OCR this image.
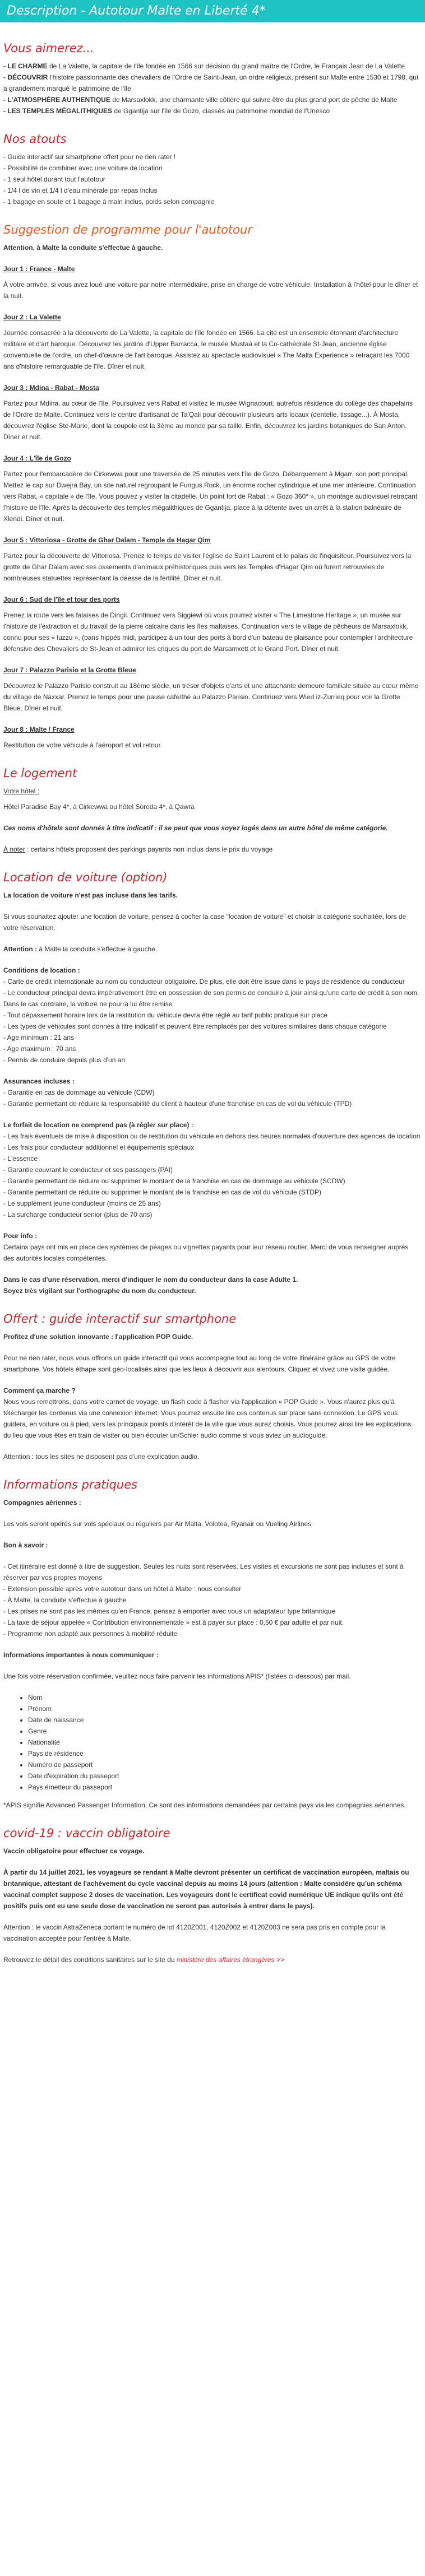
Description - Autotour Malte en Liberté 4*
Vous aimerez...

- LE CHARME de La Valette, la capitale de l'île fondée en 1566 sur décision du grand maître de l'Ordre, le Français Jean de La Valette

- DÉCOUVRIR l'histoire passionnante des chevaliers de l'Ordre de Saint-Jean, un ordre religieux, présent sur Malte entre 1530 et 1798, qui a grandement marqué le patrimoine de l'île

- L'ATMOSPHÈRE AUTHENTIQUE de Marsaxlokk, une charmante ville côtière qui suivre être du plus grand port de pêche de Malte

- LES TEMPLES MÉGALITHIQUES de Ggantija sur l'île de Gozo, classés au patrimoine mondial de l'Unesco

Nos atouts

- Guide interactif sur smartphone offert pour ne rien rater !

- Possibilité de combiner avec une voiture de location

- 1 seul hôtel durant tout l'autotour

- 1/4 l de vin et 1/4 l d'eau minérale par repas inclus

- 1 bagage en soute et 1 bagage à main inclus, poids selon compagnie

Suggestion de programme pour l'autotour

Attention, à Malte la conduite s'effectue à gauche.

Jour 1 : France - Malte

À votre arrivée, si vous avez loué une voiture par notre intermédiaire, prise en charge de votre véhicule. Installation à l'hôtel pour le dîner et la nuit.

Jour 2 : La Valette

Journée consacrée à la découverte de La Valette, la capitale de l'île fondée en 1566. La cité est un ensemble étonnant d'architecture militaire et d'art baroque. Découvrez les jardins d'Upper Barracca, le musée Mustaa et la Co-cathédrale St-Jean, ancienne église conventuelle de l'ordre, un chef-d'œuvre de l'art baroque. Assistez au spectacle audiovisuel « The Malta Experience » retraçant les 7000 ans d'histoire remarquable de l'île. Dîner et nuit.

Jour 3 : Mdina - Rabat - Mosta

Partez pour Mdina, au cœur de l'île. Poursuivez vers Rabat et visitez le musée Wignacourt, autrefois résidence du collège des chapelains de l'Ordre de Malte. Continuez vers le centre d'artisanat de Ta'Qali pour découvrir plusieurs arts locaux (dentelle, tissage...). À Mosta, découvrez l'église Ste-Marie, dont la coupole est la 3ème au monde par sa taille. Enfin, découvrez les jardins botaniques de San Anton. Dîner et nuit.

Jour 4 : L'île de Gozo

Partez pour l'embarcadère de Cirkewwa pour une traversée de 25 minutes vers l'île de Gozo. Débarquement à Mgarr, son port principal. Mettez le cap sur Dwejra Bay, un site naturel regroupant le Fungus Rock, un énorme rocher cylindrique et une mer intérieure. Continuation vers Rabat, « capitale » de l'île. Vous pouvez y visiter la citadelle. Un point fort de Rabat : « Gozo 360° », un montage audiovisuel retraçant l'histoire de l'île. Après la découverte des temples mégalithiques de Ggantija, place à la détente avec un arrêt à la station balnéaire de Xlendi. Dîner et nuit.

Jour 5 : Vittoriosa - Grotte de Ghar Dalam - Temple de Hagar Qim

Partez pour la découverte de Vittoriosa. Prenez le temps de visiter l'église de Saint Laurent et le palais de l'inquisiteur. Poursuivez vers la grotte de Ghar Dalam avec ses ossements d'animaux préhistoriques puis vers les Temples d'Hagar Qim où furent retrouvées de nombreuses statuettes représentant la déesse de la fertilité. Dîner et nuit.

Jour 6 : Sud de l'île et tour des ports

Prenez la route vers les falaises de Dingli. Continuez vers Siggiewi où vous pourrez visiter « The Limestone Heritage », un musée sur l'histoire de l'extraction et du travail de la pierre calcaire dans les îles maltaises. Continuation vers le village de pêcheurs de Marsaxlokk, connu pour ses « luzzu », (bans hippés midi, participez à un tour des ports à bord d'un bateau de plaisance pour contempler l'architecture défensive des Chevaliers de St-Jean et admirer les criques du port de Marsamxett et le Grand Port. Dîner et nuit.

Jour 7 : Palazzo Parisio et la Grotte Bleue

Découvrez le Palazzo Parisio construit au 18ème siècle, un trésor d'objets d'arts et une attachante demeure familiale située au cœur même du village de Naxxar. Prenez le temps pour une pause café/thé au Palazzo Parisio. Continuez vers Wied iz-Zurrieq pour voir la Grotte Bleue. Dîner et nuit.

Jour 8 : Malte / France

Restitution de votre véhicule à l'aéroport et vol retour.

Le logement

Votre hôtel :

Hôtel Paradise Bay 4*, à Cirkewwa ou hôtel Soreda 4*, à Qawra

Ces noms d'hôtels sont donnés à titre indicatif : il se peut que vous soyez logés dans un autre hôtel de même catégorie.

À noter : certains hôtels proposent des parkings payants non inclus dans le prix du voyage

Location de voiture (option)

La location de voiture n'est pas incluse dans les tarifs.

Si vous souhaitez ajouter une location de voiture, pensez à cocher la case "location de voiture" et choisir la catégorie souhaitée, lors de votre réservation.

Attention : à Malte la conduite s'effectue à gauche.

Conditions de location :

- Carte de crédit internationale au nom du conducteur obligatoire. De plus, elle doit être issue dans le pays de résidence du conducteur

- Le conducteur principal devra impérativement être en possession de son permis de conduire à jour ainsi qu'une carte de crédit à son nom. Dans le cas contraire, la voiture ne pourra lui être remise

- Tout dépassement horaire lors de la restitution du véhicule devra être réglé au tarif public pratiqué sur place

- Les types de véhicules sont donnés à titre indicatif et peuvent être remplacés par des voitures similaires dans chaque catégorie

- Age minimum : 21 ans

- Age maximum : 70 ans

- Permis de conduire depuis plus d'un an

Assurances incluses :

- Garantie en cas de dommage au véhicule (CDW)

- Garantie permettant de réduire la responsabilité du client à hauteur d'une franchise en cas de vol du véhicule (TPD)

Le forfait de location ne comprend pas (à régler sur place) :

- Les frais éventuels de mise à disposition ou de restitution du véhicule en dehors des heures normales d'ouverture des agences de location

- Les frais pour conducteur additionnel et équipements spéciaux

- L'essence

- Garantie couvrant le conducteur et ses passagers (PAI)

- Garantie permettant de réduire ou supprimer le montant de la franchise en cas de dommage au véhicule (SCDW)

- Garantie permettant de réduire ou supprimer le montant de la franchise en cas de vol du véhicule (STDP)

- Le supplément jeune conducteur (moins de 25 ans)

- La surcharge conducteur senior (plus de 70 ans)

Pour info :

Certains pays ont mis en place des systèmes de péages ou vignettes payants pour leur réseau routier. Merci de vous renseigner auprès des autorités locales compétentes.

Dans le cas d'une réservation, merci d'indiquer le nom du conducteur dans la case Adulte 1.

Soyez très vigilant sur l'orthographe du nom du conducteur.

Offert : guide interactif sur smartphone

Profitez d'une solution innovante : l'application POP Guide.

Pour ne rien rater, nous vous offrons un guide interactif qui vous accompagne tout au long de votre itinéraire grâce au GPS de votre smartphone. Vos hôtels éthape sont géo-localisés ainsi que les lieux à découvrir aux alentours. Cliquez et vivez une visite guidée.

Comment ça marche ?

Nous vous remettrons, dans votre carnet de voyage, un flash code à flasher via l'application « POP Guide ». Vous n'aurez plus qu'à télécharger les contenus via une connexion internet. Vous pourrez ensuite lire ces contenus sur place sans connexion. Le GPS vous guidera, en voiture ou à pied, vers les principaux points d'intérêt de la ville que vous aurez choisis. Vous pourrez ainsi lire les explications du lieu que vous êtes en train de visiter ou bien écouter un/Schier audio comme si vous aviez un audioguide.

Attention : tous les sites ne disposent pas d'une explication audio.

Informations pratiques

Compagnies aériennes :

Les vols seront opérés sur vols spéciaux ou réguliers par Air Malta, Volotea, Ryanair ou Vueling Airlines

Bon à savoir :

- Cet itinéraire est donné à titre de suggestion. Seules les nuits sont réservées. Les visites et excursions ne sont pas incluses et sont à réserver par vos propres moyens

- Extension possible après votre autotour dans un hôtel à Malte : nous consulter

- À Malte, la conduite s'effectue à gauche

- Les prises ne sont pas les mêmes qu'en France, pensez à emporter avec vous un adaptateur type britannique

- La taxe de séjour appelée « Contribution environnementale » est à payer sur place : 0,50 € par adulte et par nuit.

- Programme non adapté aux personnes à mobilité réduite

Informations importantes à nous communiquer :

Une fois votre réservation confirmée, veuillez nous faire parvenir les informations APIS* (listées ci-dessous) par mail.

• Nom
• Prénom
• Date de naissance
• Genre
• Nationalité
• Pays de résidence
• Numéro de passeport
• Date d'expiration du passeport
• Pays émetteur du passeport

*APIS signifie Advanced Passenger Information. Ce sont des informations demandées par certains pays via les compagnies aériennes.

covid-19 : vaccin obligatoire

Vaccin obligatoire pour effectuer ce voyage.

À partir du 14 juillet 2021, les voyageurs se rendant à Malte devront présenter un certificat de vaccination européen, maltais ou britannique, attestant de l'achèvement du cycle vaccinal depuis au moins 14 jours (attention : Malte considère qu'un schéma vaccinal complet suppose 2 doses de vaccination. Les voyageurs dont le certificat covid numérique UE indique qu'ils ont été positifs puis ont eu une seule dose de vaccination ne seront pas autorisés à entrer dans le pays).

Attention : le vaccin AstraZeneca portant le numéro de lot 4120Z001, 4120Z002 et 4120Z003 ne sera pas pris en compte pour la vaccination acceptée pour l'entrée à Malte.

Retrouvez le détail des conditions sanitaires sur le site du ministère des affaires étrangères >>
